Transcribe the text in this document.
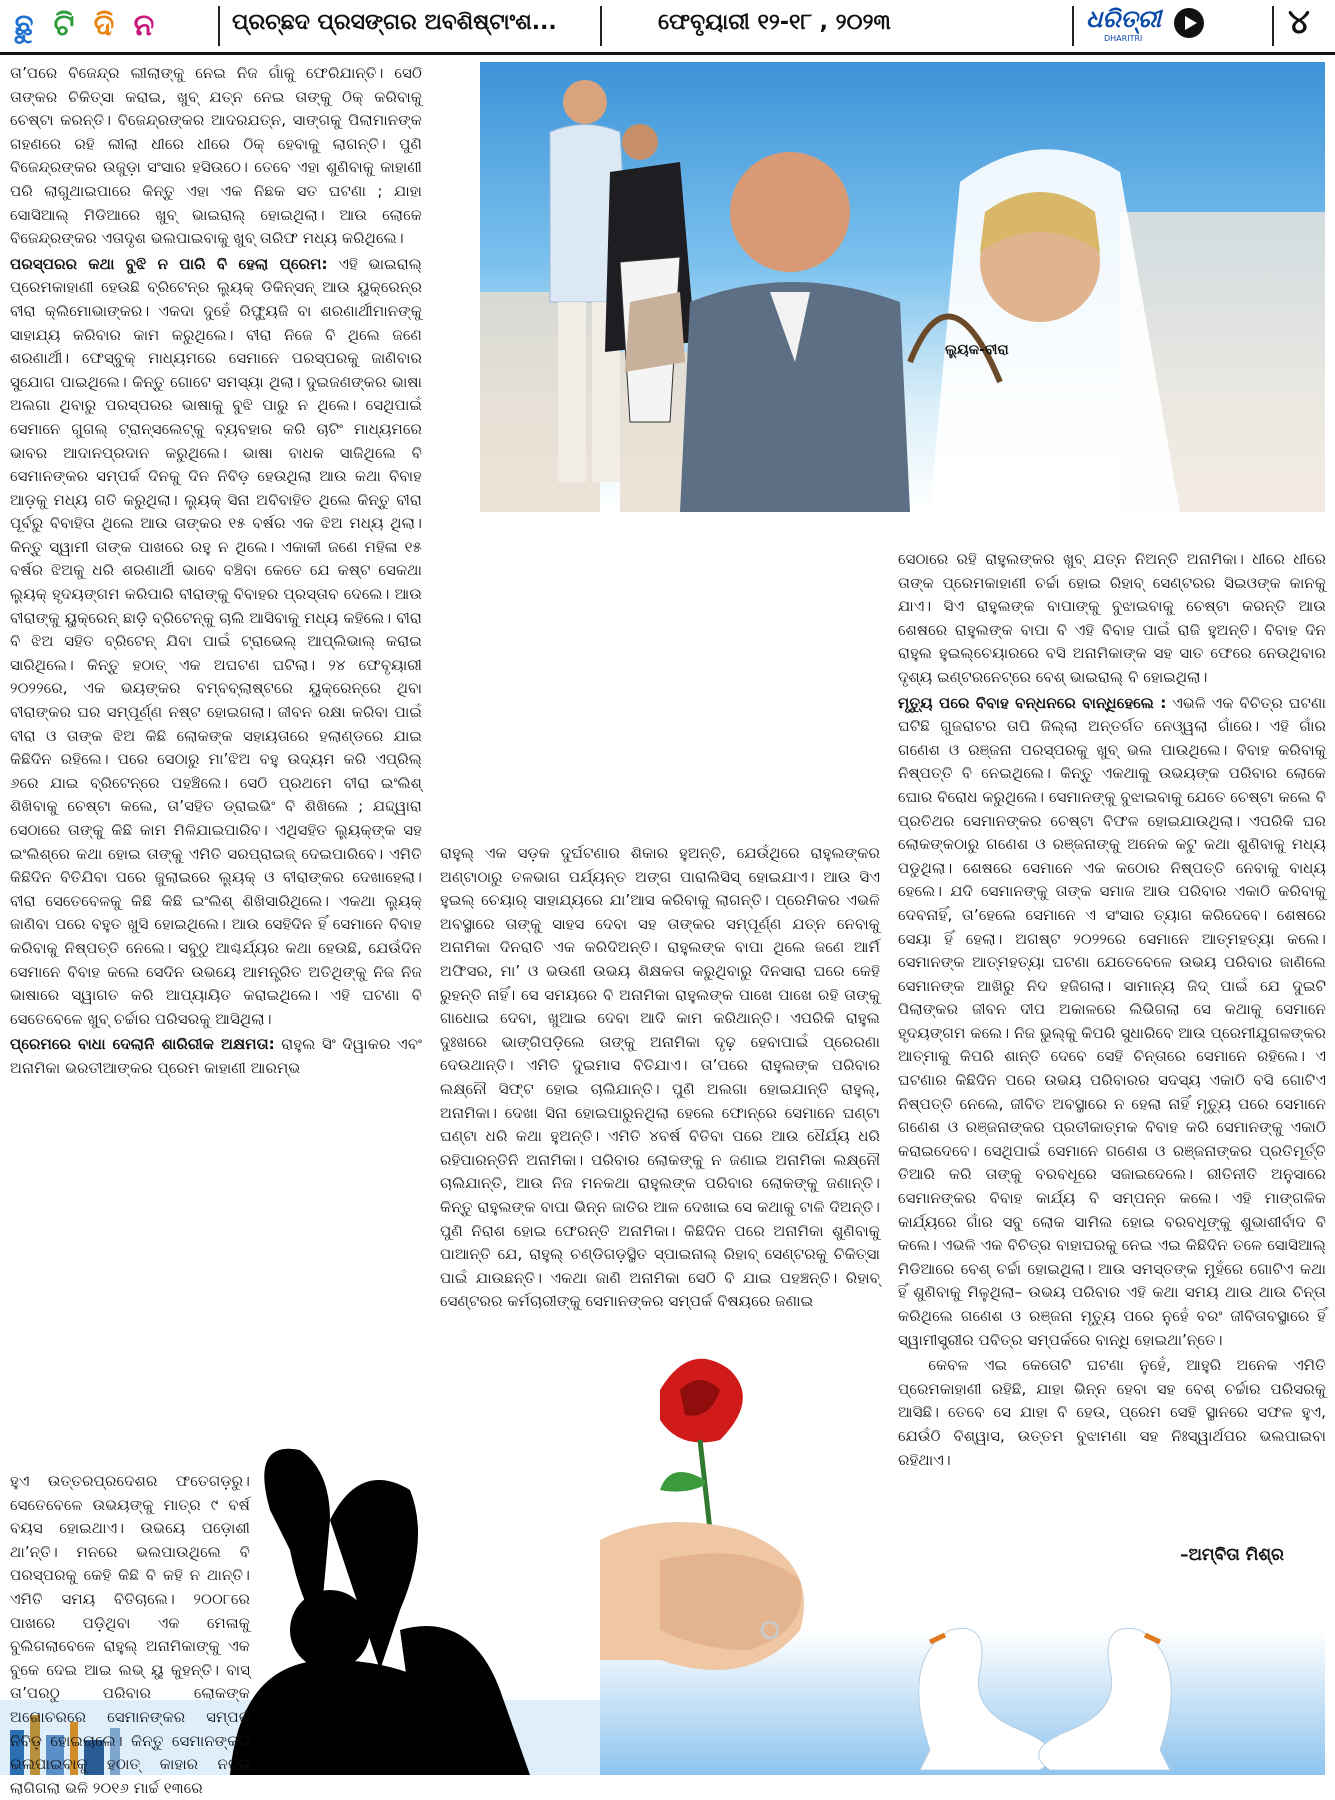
ଛୁ ଟି ଦି ନ	ପ୍ରଚ୍ଛଦ ପ୍ରସଙ୍ଗର ଅବଶିଷ୍ଟାଂଶ...	ଫେବୃୟାରୀ ୧୨-୧୮ , ୨୦୨୩	ଧରିତ୍ରୀ
DHARITRI	୪
ଲ୍ୟୁକ-ବୀରା

ତା’ପରେ ବିଜେନ୍ଦ୍ର ଲୀଲାଙ୍କୁ ନେଇ ନିଜ ଗାଁକୁ ଫେରିଯାନ୍ତି। ସେଠି ତାଙ୍କର ଚିକିତ୍ସା କରାଇ, ଖୁବ୍ ଯତ୍ନ ନେଇ ତାଙ୍କୁ ଠିକ୍ କରିବାକୁ ଚେଷ୍ଟା କରନ୍ତି। ବିଜେନ୍ଦ୍ରଙ୍କର ଆଦରଯତ୍ନ, ସାଙ୍ଗକୁ ପିଲାମାନଙ୍କ ଗହଣରେ ରହି ଲୀଲା ଧୀରେ ଧୀରେ ଠିକ୍ ହେବାକୁ ଲାଗନ୍ତି। ପୁଣି ବିଜେନ୍ଦ୍ରଙ୍କର ଉଜୁଡ଼ା ସଂସାର ହସିଉଠେ। ତେବେ ଏହା ଶୁଣିବାକୁ କାହାଣୀ ପରି ଲାଗୁଥାଇପାରେ କିନ୍ତୁ ଏହା ଏକ ନିଛକ ସତ ଘଟଣା ; ଯାହା ସୋସିଆଲ୍ ମିଡିଆରେ ଖୁବ୍ ଭାଇରାଲ୍ ହୋଇଥିଲା। ଆଉ ଲୋକେ ବିଜେନ୍ଦ୍ରଙ୍କର ଏତାଦୃଶ ଭଲପାଇବାକୁ ଖୁବ୍ ତାରିଫ ମଧ୍ୟ କରିଥିଲେ।

ପରସ୍ପରର କଥା ବୁଝି ନ ପାରି ବି ହେଲା ପ୍ରେମ: ଏହି ଭାଇରାଲ୍ ପ୍ରେମକାହାଣୀ ହେଉଛି ବ୍ରିଟେନ୍‌ର ଲ୍ୟୁକ୍ ଡିକିନ୍‌ସନ୍ ଆଉ ୟୁକ୍ରେନ୍‌ର ବୀରା କ୍ଲିମୋଭାଙ୍କର। ଏକଦା ଦୁହେଁ ରିଫ୍ୟୁଜି ବା ଶରଣାର୍ଥୀମାନଙ୍କୁ ସାହାଯ୍ୟ କରିବାର କାମ କରୁଥିଲେ। ବୀରା ନିଜେ ବି ଥିଲେ ଜଣେ ଶରଣାର୍ଥୀ। ଫେସ୍‌ବୁକ୍ ମାଧ୍ୟମରେ ସେମାନେ ପରସ୍ପରକୁ ଜାଣିବାର ସୁଯୋଗ ପାଇଥିଲେ। କିନ୍ତୁ ଗୋଟେ ସମସ୍ୟା ଥିଲା। ଦୁଇଜଣଙ୍କର ଭାଷା ଅଲଗା ଥିବାରୁ ପରସ୍ପରର ଭାଷାକୁ ବୁଝି ପାରୁ ନ ଥିଲେ। ସେଥିପାଇଁ ସେମାନେ ଗୁଗଲ୍ ଟ୍ରାନ୍ସଲେଟ୍‌କୁ ବ୍ୟବହାର କରି ଚାଟିଂ ମାଧ୍ୟମରେ ଭାବର ଆଦାନପ୍ରଦାନ କରୁଥିଲେ। ଭାଷା ବାଧକ ସାଜିଥିଲେ ବି ସେମାନଙ୍କର ସମ୍ପର୍କ ଦିନକୁ ଦିନ ନିବିଡ଼ ହେଉଥିଲା ଆଉ କଥା ବିବାହ ଆଡ଼କୁ ମଧ୍ୟ ଗତି କରୁଥିଲା। ଲ୍ୟୁକ୍ ସିନା ଅବିବାହିତ ଥିଲେ କିନ୍ତୁ ବୀରା ପୂର୍ବରୁ ବିବାହିତା ଥିଲେ ଆଉ ତାଙ୍କର ୧୫ ବର୍ଷର ଏକ ଝିଅ ମଧ୍ୟ ଥିଲା। କିନ୍ତୁ ସ୍ୱାମୀ ତାଙ୍କ ପାଖରେ ରହୁ ନ ଥିଲେ। ଏକାକୀ ଜଣେ ମହିଳା ୧୫ ବର୍ଷର ଝିଅକୁ ଧରି ଶରଣାର୍ଥୀ ଭାବେ ବଞ୍ଚିବା କେତେ ଯେ କଷ୍ଟ ସେକଥା ଲ୍ୟୁକ୍ ହୃଦୟଙ୍ଗମ କରିପାରି ବୀରାଙ୍କୁ ବିବାହର ପ୍ରସ୍ତାବ ଦେଲେ। ଆଉ ବୀରାଙ୍କୁ ୟୁକ୍ରେନ୍ ଛାଡ଼ି ବ୍ରିଟେନ୍‌କୁ ଚାଲି ଆସିବାକୁ ମଧ୍ୟ କହିଲେ। ବୀରା ବି ଝିଅ ସହିତ ବ୍ରିଟେନ୍ ଯିବା ପାଇଁ ଟ୍ରାଭେଲ୍ ଆପ୍ଲିଭାଲ୍ କରାଇ ସାରିଥିଲେ। କିନ୍ତୁ ହଠାତ୍ ଏକ ଅଘଟଣ ଘଟିଲା। ୨୪ ଫେବୃୟାରୀ ୨୦୨୨ରେ, ଏକ ଭୟଙ୍କର ବମ୍ବବ୍ଲାଷ୍ଟରେ ୟୁକ୍ରେନ୍‌ରେ ଥିବା ବୀରାଙ୍କର ଘର ସମ୍ପୂର୍ଣ୍ଣ ନଷ୍ଟ ହୋଇଗଲା। ଜୀବନ ରକ୍ଷା କରିବା ପାଇଁ ବୀରା ଓ ତାଙ୍କ ଝିଅ କିଛି ଲୋକଙ୍କ ସହାୟତାରେ ହଲାଣ୍ଡରେ ଯାଇ କିଛିଦିନ ରହିଲେ। ପରେ ସେଠାରୁ ମା’ଝିଅ ବହୁ ଉଦ୍ୟମ କରି ଏପ୍ରିଲ୍ ୬ରେ ଯାଇ ବ୍ରିଟେନ୍‌ରେ ପହଞ୍ଚିଲେ। ସେଠି ପ୍ରଥମେ ବୀରା ଇଂଲିଶ୍ ଶିଖିବାକୁ ଚେଷ୍ଟା କଲେ, ତା’ସହିତ ଡ୍ରାଇଭିଂ ବି ଶିଖିଲେ ; ଯଦ୍ଦ୍ୱାରା ସେଠାରେ ତାଙ୍କୁ କିଛି କାମ ମିଳିଯାଇପାରିବ। ଏଥିସହିତ ଲ୍ୟୁକ୍‌ଙ୍କ ସହ ଇଂଲିଶ୍‌ରେ କଥା ହୋଇ ତାଙ୍କୁ ଏମିତି ସରପ୍ରାଇଜ୍ ଦେଇପାରିବେ। ଏମିତି କିଛିଦିନ ବିତିଯିବା ପରେ ଜୁଲାଇରେ ଲ୍ୟୁକ୍ ଓ ବୀରାଙ୍କର ଦେଖାହେଲା। ବୀରା ସେତେବେଳକୁ କିଛି କିଛି ଇଂଲିଶ୍ ଶିଖିସାରିଥିଲେ। ଏକଥା ଲ୍ୟୁକ୍ ଜାଣିବା ପରେ ବହୁତ ଖୁସି ହୋଇଥିଲେ। ଆଉ ସେହିଦିନ ହିଁ ସେମାନେ ବିବାହ କରିବାକୁ ନିଷ୍ପତ୍ତି ନେଲେ। ସବୁଠୁ ଆଶ୍ଚର୍ଯ୍ୟର କଥା ହେଉଛି, ଯେଉଁଦିନ ସେମାନେ ବିବାହ କଲେ ସେଦିନ ଉଭୟେ ଆମନ୍ତ୍ରିତ ଅତିଥିଙ୍କୁ ନିଜ ନିଜ ଭାଷାରେ ସ୍ୱାଗତ କରି ଆପ୍ୟାୟିତ କରାଇଥିଲେ। ଏହି ଘଟଣା ବି ସେତେବେଳେ ଖୁବ୍ ଚର୍ଚ୍ଚାର ପରିସରକୁ ଆସିଥିଲା।

ପ୍ରେମରେ ବାଧା ଦେଲାନି ଶାରିରୀକ ଅକ୍ଷମତା: ରାହୁଲ ସିଂ ଦିୱାକର ଏବଂ ଅନାମିକା ଭରତୀଆଙ୍କର ପ୍ରେମ କାହାଣୀ ଆରମ୍ଭ

ହୁଏ ଉତ୍ତରପ୍ରଦେଶର ଫତେଗଡ଼ରୁ। ସେତେବେଳେ ଉଭୟଙ୍କୁ ମାତ୍ର ୯ ବର୍ଷ ବୟସ ହୋଇଥାଏ। ଉଭୟେ ପଡ଼ୋଶୀ ଥା’ନ୍ତି। ମନରେ ଭଲପାଉଥିଲେ ବି ପରସ୍ପରକୁ କେହି କିଛି ବି କହି ନ ଥାନ୍ତି। ଏମିତି ସମୟ ବିତିଚାଲେ। ୨୦୦୮ରେ ପାଖରେ ପଡ଼ିଥିବା ଏକ ମେଳାକୁ ବୁଲିଗଲାବେଳେ ରାହୁଲ୍ ଅନାମିକାଙ୍କୁ ଏକ ବୁକେ ଦେଇ ଆଇ ଲଭ୍ ୟୁ କୁହନ୍ତି। ବାସ୍ ତା’ପରଠୁ ପରିବାର ଲୋକଙ୍କ ଅଗୋଚରରେ ସେମାନଙ୍କର ସମ୍ପର୍କ ନିବିଡ଼ ହୋଇଚାଲେ। କିନ୍ତୁ ସେମାନଙ୍କର ଭଲପାଇବାକୁ ହଠାତ୍ କାହାର ନଜର ଲାଗିଗଲା ଭଳି ୨୦୧୬ ମାର୍ଚ୍ଚ ୧୩ରେ

ରାହୁଲ୍ ଏକ ସଡ଼କ ଦୁର୍ଘଟଣାର ଶିକାର ହୁଅନ୍ତି, ଯେଉଁଥିରେ ରାହୁଲଙ୍କର ଅଣ୍ଟାଠାରୁ ତଳଭାଗ ପର୍ଯ୍ୟନ୍ତ ଅଙ୍ଗ ପାରାଲିସିସ୍ ହୋଇଯାଏ। ଆଉ ସିଏ ହୁଇଲ୍ ଚେୟାର୍ ସାହାଯ୍ୟରେ ଯା’ଆସ କରିବାକୁ ଲାଗନ୍ତି। ପ୍ରେମିକର ଏଭଳି ଅବସ୍ଥାରେ ତାଙ୍କୁ ସାହସ ଦେବା ସହ ତାଙ୍କର ସମ୍ପୂର୍ଣ୍ଣ ଯତ୍ନ ନେବାକୁ ଅନାମିକା ଦିନରାତି ଏକ କରିଦିଅନ୍ତି। ରାହୁଲଙ୍କ ବାପା ଥିଲେ ଜଣେ ଆର୍ମି ଅଫିସର, ମା’ ଓ ଭଉଣୀ ଉଭୟ ଶିକ୍ଷକତା କରୁଥିବାରୁ ଦିନସାରା ଘରେ କେହି ରୁହନ୍ତି ନାହିଁ। ସେ ସମୟରେ ବି ଅନାମିକା ରାହୁଲଙ୍କ ପାଖେ ପାଖେ ରହି ତାଙ୍କୁ ଗାଧୋଇ ଦେବା, ଖୁଆଇ ଦେବା ଆଦି କାମ କରିଥାନ୍ତି। ଏପରିକି ରାହୁଲ ଦୁଃଖରେ ଭାଙ୍ଗିପଡ଼ିଲେ ତାଙ୍କୁ ଅନାମିକା ଦୃଢ଼ ହେବାପାଇଁ ପ୍ରେରଣା ଦେଉଥାନ୍ତି। ଏମିତି ଦୁଇମାସ ବିତିଯାଏ। ତା’ପରେ ରାହୁଲଙ୍କ ପରିବାର ଲକ୍ଷ୍ନୌ ସିଫ୍ଟ ହୋଇ ଚାଲିଯାନ୍ତି। ପୁଣି ଅଲଗା ହୋଇଯାନ୍ତି ରାହୁଲ୍, ଅନାମିକା। ଦେଖା ସିନା ହୋଇପାରୁନଥିଲା ହେଲେ ଫୋନ୍‌ରେ ସେମାନେ ଘଣ୍ଟା ଘଣ୍ଟା ଧରି କଥା ହୁଅନ୍ତି। ଏମିତି ୪ବର୍ଷ ବିତିବା ପରେ ଆଉ ଧୈର୍ଯ୍ୟ ଧରି ରହିପାରନ୍ତିନି ଅନାମିକା। ପରିବାର ଲୋକଙ୍କୁ ନ ଜଣାଇ ଅନାମିକା ଲକ୍ଷ୍ନୌ ଚାଲିଯାନ୍ତି, ଆଉ ନିଜ ମନକଥା ରାହୁଲଙ୍କ ପରିବାର ଲୋକଙ୍କୁ ଜଣାନ୍ତି। କିନ୍ତୁ ରାହୁଲଙ୍କ ବାପା ଭିନ୍ନ ଜାତିର ଆଳ ଦେଖାଇ ସେ କଥାକୁ ଟାଳି ଦିଅନ୍ତି। ପୁଣି ନିରାଶ ହୋଇ ଫେରନ୍ତି ଅନାମିକା। କିଛିଦିନ ପରେ ଅନାମିକା ଶୁଣିବାକୁ ପାଆନ୍ତି ଯେ, ରାହୁଲ୍ ଚଣ୍ଡିଗଡ଼ସ୍ଥିତ ସ୍ପାଇନାଲ୍ ରିହାବ୍ ସେଣ୍ଟରକୁ ଚିକିତ୍ସା ପାଇଁ ଯାଉଛନ୍ତି। ଏକଥା ଜାଣି ଅନାମିକା ସେଠି ବି ଯାଇ ପହଞ୍ଚନ୍ତି। ରିହାବ୍ ସେଣ୍ଟରର କର୍ମଚାରୀଙ୍କୁ ସେମାନଙ୍କର ସମ୍ପର୍କ ବିଷୟରେ ଜଣାଇ

ସେଠାରେ ରହି ରାହୁଲଙ୍କର ଖୁବ୍ ଯତ୍ନ ନିଅନ୍ତି ଅନାମିକା। ଧୀରେ ଧୀରେ ତାଙ୍କ ପ୍ରେମକାହାଣୀ ଚର୍ଚ୍ଚା ହୋଇ ରିହାବ୍ ସେଣ୍ଟରର ସିଇଓଙ୍କ କାନକୁ ଯାଏ। ସିଏ ରାହୁଲଙ୍କ ବାପାଙ୍କୁ ବୁଝାଇବାକୁ ଚେଷ୍ଟା କରନ୍ତି ଆଉ ଶେଷରେ ରାହୁଲଙ୍କ ବାପା ବି ଏହି ବିବାହ ପାଇଁ ରାଜି ହୁଅନ୍ତି। ବିବାହ ଦିନ ରାହୁଲ ହୁଇଲ୍‌ଚେୟାରରେ ବସି ଅନାମିକାଙ୍କ ସହ ସାତ ଫେରେ ନେଉଥିବାର ଦୃଶ୍ୟ ଇଣ୍ଟରନେଟ୍‌ରେ ବେଶ୍ ଭାଇରାଲ୍ ବି ହୋଇଥିଲା।

ମୃତ୍ୟୁ ପରେ ବିବାହ ବନ୍ଧନରେ ବାନ୍ଧିହେଲେ : ଏଭଳି ଏକ ବିଚିତ୍ର ଘଟଣା ଘଟିଛି ଗୁଜରାଟର ତାପି ଜିଲ୍ଲା ଅନ୍ତର୍ଗତ ନେଓ୍ୱଲା ଗାଁରେ। ଏହି ଗାଁର ଗଣେଶ ଓ ରଞ୍ଜନା ପରସ୍ପରକୁ ଖୁବ୍ ଭଲ ପାଉଥିଲେ। ବିବାହ କରିବାକୁ ନିଷ୍ପତ୍ତି ବି ନେଇଥିଲେ। କିନ୍ତୁ ଏକଥାକୁ ଉଭୟଙ୍କ ପରିବାର ଲୋକେ ଘୋର ବିରୋଧ କରୁଥିଲେ। ସେମାନଙ୍କୁ ବୁଝାଇବାକୁ ଯେତେ ଚେଷ୍ଟା କଲେ ବି ପ୍ରତିଥର ସେମାନଙ୍କର ଚେଷ୍ଟା ବିଫଳ ହୋଇଯାଉଥିଲା। ଏପରିକି ଘର ଲୋକଙ୍କଠାରୁ ଗଣେଶ ଓ ରଞ୍ଜନାଙ୍କୁ ଅନେକ କଟୁ କଥା ଶୁଣିବାକୁ ମଧ୍ୟ ପଡୁଥିଲା। ଶେଷରେ ସେମାନେ ଏକ କଠୋର ନିଷ୍ପତ୍ତି ନେବାକୁ ବାଧ୍ୟ ହେଲେ। ଯଦି ସେମାନଙ୍କୁ ତାଙ୍କ ସମାଜ ଆଉ ପରିବାର ଏକାଠି କରିବାକୁ ଦେବନାହିଁ, ତା’ହେଲେ ସେମାନେ ଏ ସଂସାର ତ୍ୟାଗ କରିଦେବେ। ଶେଷରେ ସେୟା ହିଁ ହେଲା। ଅଗଷ୍ଟ ୨୦୨୨ରେ ସେମାନେ ଆତ୍ମହତ୍ୟା କଲେ। ସେମାନଙ୍କ ଆତ୍ମହତ୍ୟା ଘଟଣା ଯେତେବେଳେ ଉଭୟ ପରିବାର ଜାଣିଲେ ସେମାନଙ୍କ ଆଖିରୁ ନିଦ ହଜିଗଲା। ସାମାନ୍ୟ ଜିଦ୍ ପାଇଁ ଯେ ଦୁଇଟି ପିଲାଙ୍କର ଜୀବନ ଦୀପ ଅକାଳରେ ଲିଭିଗଲା ସେ କଥାକୁ ସେମାନେ ହୃଦୟଙ୍ଗମ କଲେ। ନିଜ ଭୁଲ୍‌କୁ କିପରି ସୁଧାରିବେ ଆଉ ପ୍ରେମୀଯୁଗଳଙ୍କର ଆତ୍ମାକୁ କିପରି ଶାନ୍ତି ଦେବେ ସେହି ଚିନ୍ତାରେ ସେମାନେ ରହିଲେ। ଏ ଘଟଣାର କିଛିଦିନ ପରେ ଉଭୟ ପରିବାରର ସଦସ୍ୟ ଏକାଠି ବସି ଗୋଟିଏ ନିଷ୍ପତ୍ତି ନେଲେ, ଜୀବିତ ଅବସ୍ଥାରେ ନ ହେଲା ନାହିଁ ମୃତ୍ୟୁ ପରେ ସେମାନେ ଗଣେଶ ଓ ରଞ୍ଜନାଙ୍କର ପ୍ରତୀକାତ୍ମକ ବିବାହ କରି ସେମାନଙ୍କୁ ଏକାଠି କରାଇଦେବେ। ସେଥିପାଇଁ ସେମାନେ ଗଣେଶ ଓ ରଞ୍ଜନାଙ୍କର ପ୍ରତିମୂର୍ତ୍ତି ତିଆରି କରି ତାଙ୍କୁ ବରବଧୂରେ ସଜାଇଦେଲେ। ରୀତିନୀତି ଅନୁସାରେ ସେମାନଙ୍କର ବିବାହ କାର୍ଯ୍ୟ ବି ସମ୍ପନ୍ନ କଲେ। ଏହି ମାଙ୍ଗଳିକ କାର୍ଯ୍ୟରେ ଗାଁର ସବୁ ଲୋକ ସାମିଲ ହୋଇ ବରବଧୂଙ୍କୁ ଶୁଭାଶୀର୍ବାଦ ବି କଲେ। ଏଭଳି ଏକ ବିଚିତ୍ର ବାହାଘରକୁ ନେଇ ଏଇ କିଛିଦିନ ତଳେ ସୋସିଆଲ୍ ମିଡିଆରେ ବେଶ୍ ଚର୍ଚ୍ଚା ହୋଇଥିଲା। ଆଉ ସମସ୍ତଙ୍କ ମୁହଁରେ ଗୋଟିଏ କଥା ହିଁ ଶୁଣିବାକୁ ମିଳୁଥିଲା– ଉଭୟ ପରିବାର ଏହି କଥା ସମୟ ଥାଉ ଥାଉ ଚିନ୍ତା କରିଥିଲେ ଗଣେଶ ଓ ରଞ୍ଜନା ମୃତ୍ୟୁ ପରେ ନୁହେଁ ବରଂ ଜୀବିତାବସ୍ଥାରେ ହିଁ ସ୍ୱାମୀସ୍ତ୍ରୀର ପବିତ୍ର ସମ୍ପର୍କରେ ବାନ୍ଧି ହୋଇଥା’ନ୍ତେ।

କେବଳ ଏଇ କେତୋଟି ଘଟଣା ନୁହେଁ, ଆହୁରି ଅନେକ ଏମିତି ପ୍ରେମକାହାଣୀ ରହିଛି, ଯାହା ଭିନ୍ନ ହେବା ସହ ବେଶ୍ ଚର୍ଚ୍ଚାର ପରିସରକୁ ଆସିଛି। ତେବେ ସେ ଯାହା ବି ହେଉ, ପ୍ରେମ ସେହି ସ୍ଥାନରେ ସଫଳ ହୁଏ, ଯେଉଁଠି ବିଶ୍ୱାସ, ଉତ୍ତମ ବୁଝାମଣା ସହ ନିଃସ୍ୱାର୍ଥପର ଭଲପାଇବା ରହିଥାଏ।

–ଅମ୍ବିତା ମିଶ୍ର
